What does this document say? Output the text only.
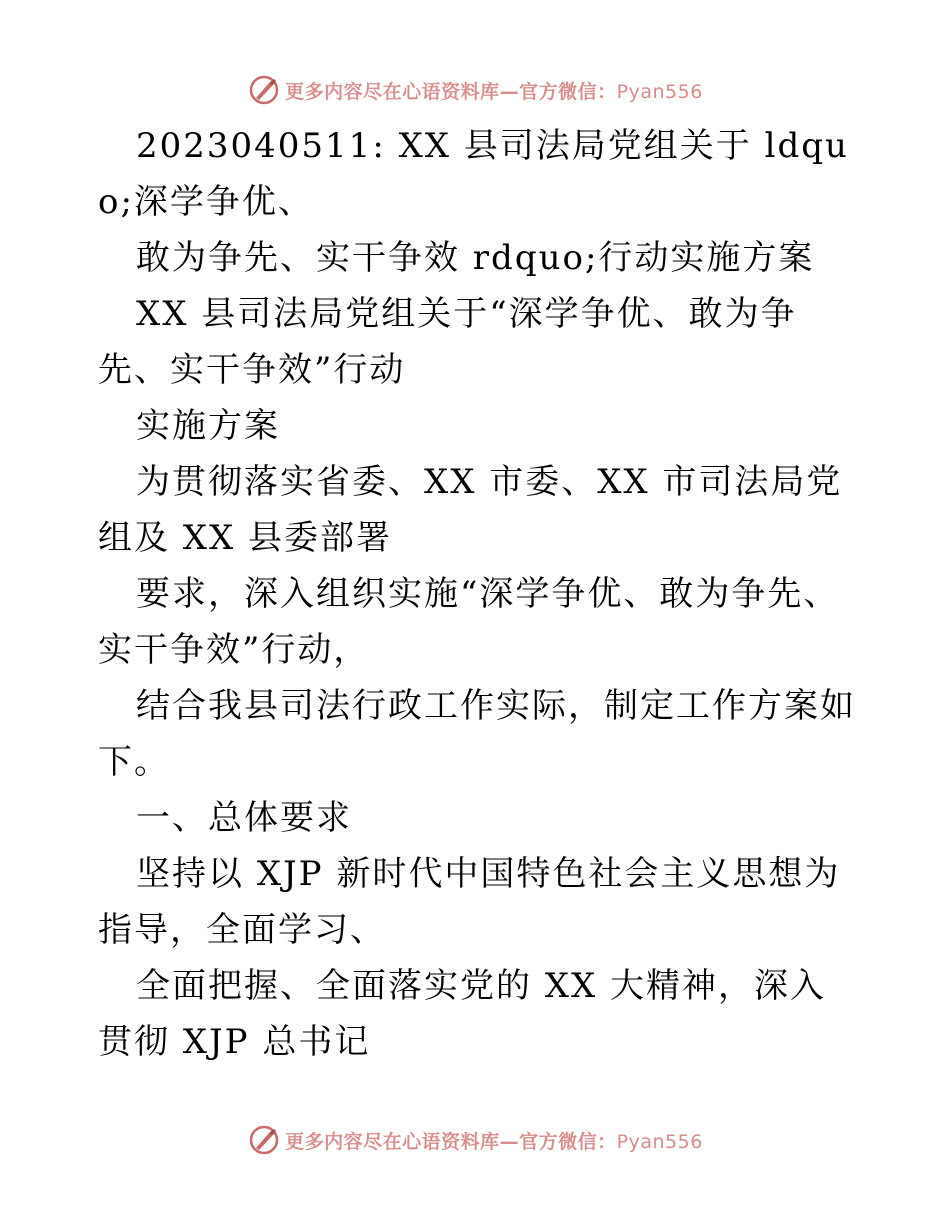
更多内容尽在心语资料库—官方微信：Pyan556

2023040511: XX 县司法局党组关于 ldquo;深学争优、

敢为争先、实干争效 rdquo;行动实施方案

XX 县司法局党组关于“深学争优、敢为争先、实干争效”行动

实施方案

为贯彻落实省委、XX 市委、XX 市司法局党组及 XX 县委部署

要求，深入组织实施“深学争优、敢为争先、实干争效”行动，

结合我县司法行政工作实际，制定工作方案如下。

一、总体要求

坚持以 XJP 新时代中国特色社会主义思想为指导，全面学习、

全面把握、全面落实党的 XX 大精神，深入贯彻 XJP 总书记

更多内容尽在心语资料库—官方微信：Pyan556
